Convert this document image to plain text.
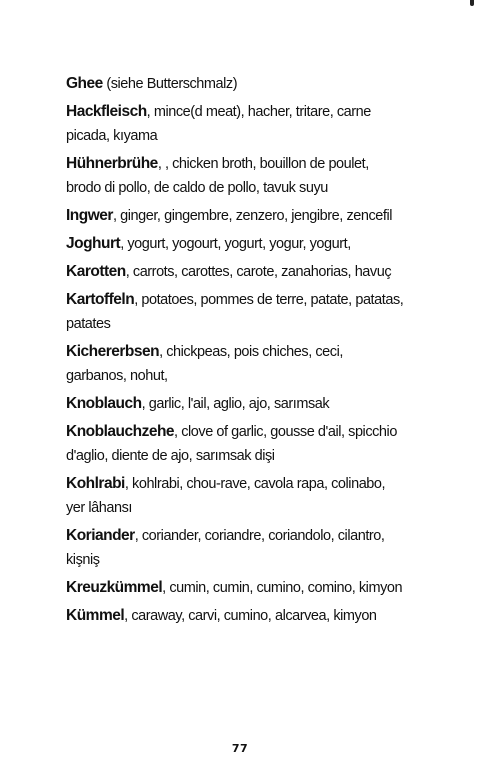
Ghee (siehe Butterschmalz)
Hackfleisch, mince(d meat), hacher, tritare, carne picada, kıyama
Hühnerbrühe, , chicken broth, bouillon de poulet, brodo di pollo, de caldo de pollo, tavuk suyu
Ingwer, ginger, gingembre, zenzero, jengibre, zencefil
Joghurt, yogurt, yogourt, yogurt, yogur, yogurt,
Karotten, carrots, carottes, carote, zanahorias, havuç
Kartoffeln, potatoes, pommes de terre, patate, patatas, patates
Kichererbsen, chickpeas, pois chiches, ceci, garbanos, nohut,
Knoblauch, garlic, l'ail, aglio, ajo, sarımsak
Knoblauchzehe, clove of garlic, gousse d'ail, spicchio d'aglio, diente de ajo, sarımsak dişi
Kohlrabi, kohlrabi, chou-rave, cavola rapa, colinabo, yer lâhansı
Koriander, coriander, coriandre, coriandolo, cilantro, kişniş
Kreuzkümmel, cumin, cumin, cumino, comino, kimyon
Kümmel, caraway, carvi, cumino, alcarvea, kimyon
77
